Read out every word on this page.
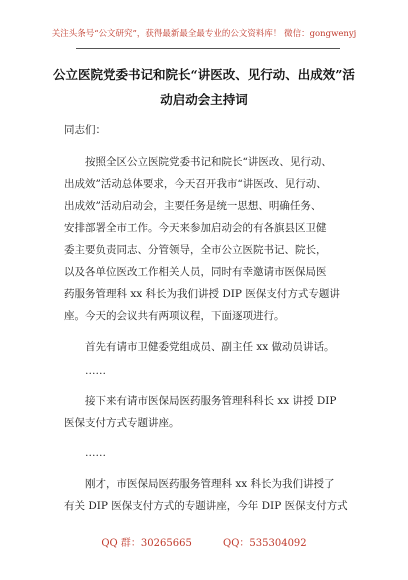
关注头条号“公文研究”，获得最新最全最专业的公文资料库！ 微信：gongwenyj
公立医院党委书记和院长“讲医改、见行动、出成效”活
动启动会主持词
同志们：
按照全区公立医院党委书记和院长“讲医改、见行动、
出成效”活动总体要求，今天召开我市“讲医改、见行动、
出成效”活动启动会，主要任务是统一思想、明确任务、
安排部署全市工作。今天来参加启动会的有各旗县区卫健
委主要负责同志、分管领导，全市公立医院书记、院长，
以及各单位医改工作相关人员，同时有幸邀请市医保局医
药服务管理科 xx 科长为我们讲授 DIP 医保支付方式专题讲
座。今天的会议共有两项议程，下面逐项进行。
首先有请市卫健委党组成员、副主任 xx 做动员讲话。
……
接下来有请市医保局医药服务管理科科长 xx 讲授 DIP
医保支付方式专题讲座。
……
刚才，市医保局医药服务管理科 xx 科长为我们讲授了
有关 DIP 医保支付方式的专题讲座，今年 DIP 医保支付方式
QQ 群：30265665	QQ：535304092
